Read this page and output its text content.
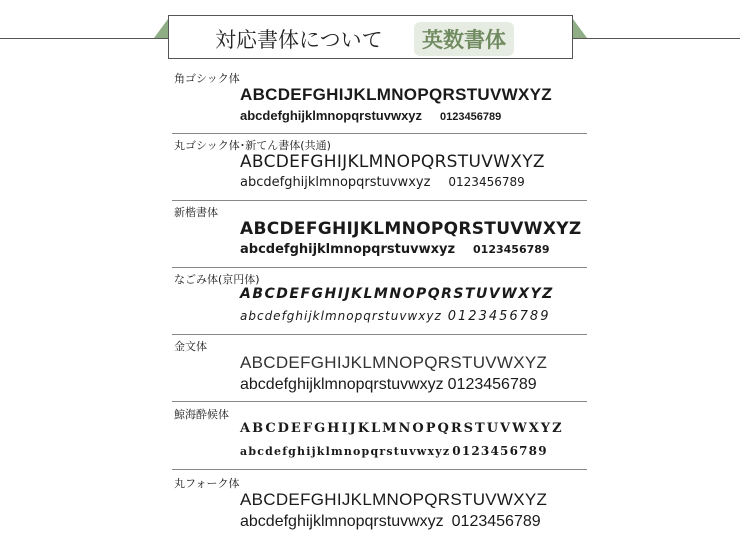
対応書体について	英数書体
角ゴシック体
ABCDEFGHIJKLMNOPQRSTUVWXYZ
abcdefghijklmnopqrstuvwxyz 0123456789
丸ゴシック体･新てん書体(共通)
ABCDEFGHIJKLMNOPQRSTUVWXYZ
abcdefghijklmnopqrstuvwxyz 0123456789
新楷書体
ABCDEFGHIJKLMNOPQRSTUVWXYZ
abcdefghijklmnopqrstuvwxyz 0123456789
なごみ体(京円体)
ABCDEFGHIJKLMNOPQRSTUVWXYZ
abcdefghijklmnopqrstuvwxyz 0123456789
金文体
ABCDEFGHIJKLMNOPQRSTUVWXYZ
abcdefghijklmnopqrstuvwxyz 0123456789
鯨海酔候体
ABCDEFGHIJKLMNOPQRSTUVWXYZ
abcdefghijklmnopqrstuvwxyz 0123456789
丸フォーク体
ABCDEFGHIJKLMNOPQRSTUVWXYZ
abcdefghijklmnopqrstuvwxyz 0123456789
